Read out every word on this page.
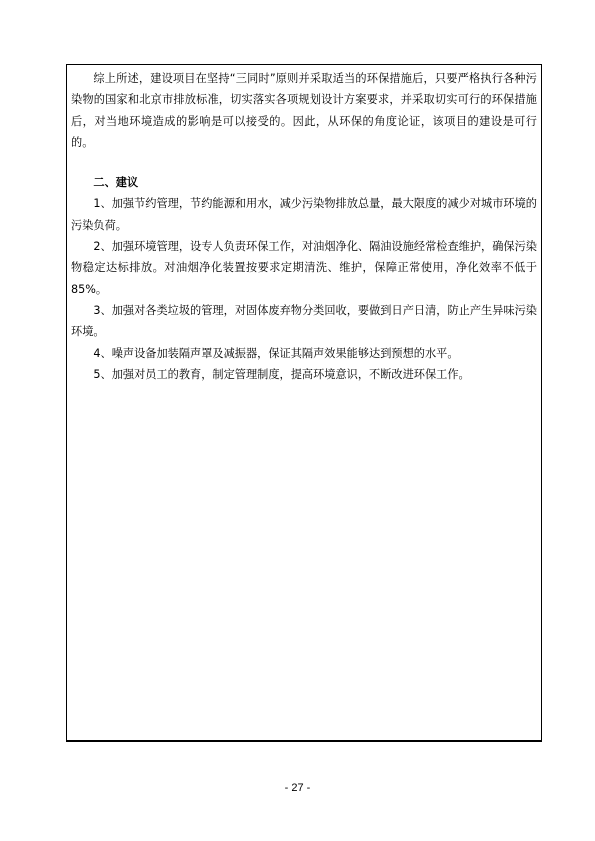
综上所述，建设项目在坚持“三同时”原则并采取适当的环保措施后，只要严格执行各种污染物的国家和北京市排放标准，切实落实各项规划设计方案要求，并采取切实可行的环保措施后，对当地环境造成的影响是可以接受的。因此，从环保的角度论证，该项目的建设是可行的。

二、建议

1、加强节约管理，节约能源和用水，减少污染物排放总量，最大限度的减少对城市环境的污染负荷。

2、加强环境管理，设专人负责环保工作，对油烟净化、隔油设施经常检查维护，确保污染物稳定达标排放。对油烟净化装置按要求定期清洗、维护，保障正常使用，净化效率不低于 85%。

3、加强对各类垃圾的管理，对固体废弃物分类回收，要做到日产日清，防止产生异味污染环境。

4、噪声设备加装隔声罩及减振器，保证其隔声效果能够达到预想的水平。

5、加强对员工的教育，制定管理制度，提高环境意识，不断改进环保工作。

- 27 -
